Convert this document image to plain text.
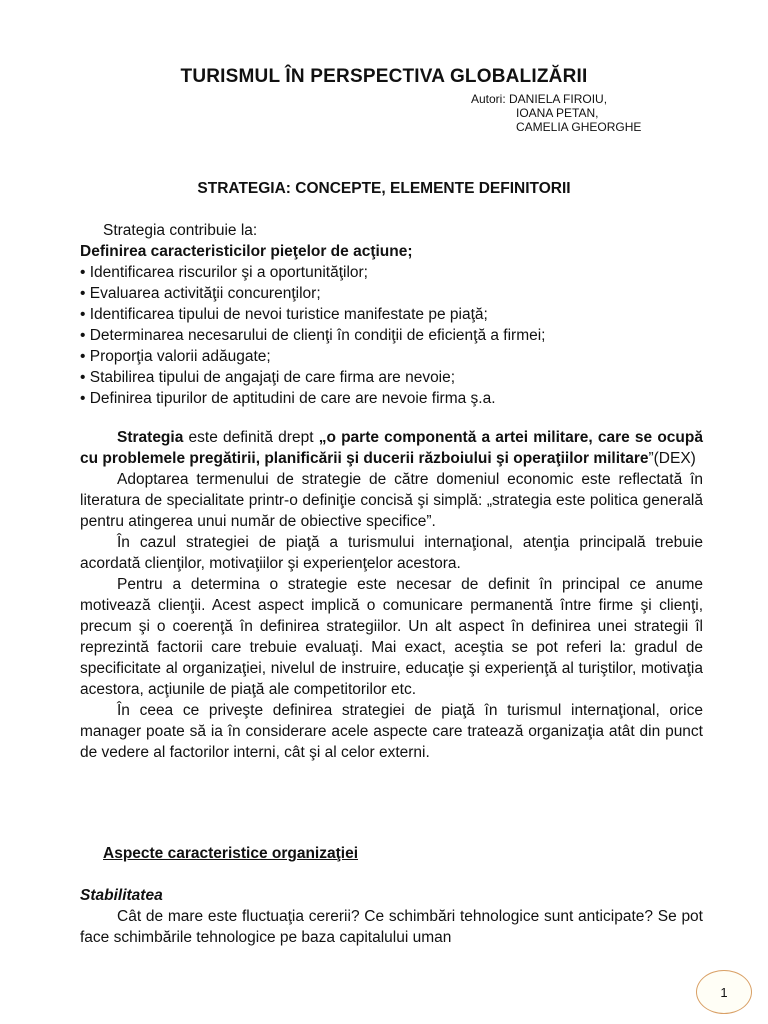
TURISMUL ÎN PERSPECTIVA GLOBALIZĂRII
Autori: DANIELA FIROIU,
IOANA PETAN,
CAMELIA GHEORGHE
STRATEGIA: CONCEPTE, ELEMENTE DEFINITORII

Strategia contribuie la:

Definirea caracteristicilor pieţelor de acţiune;

• Identificarea riscurilor şi a oportunităţilor;

• Evaluarea activităţii concurenţilor;

• Identificarea tipului de nevoi turistice manifestate pe piaţă;

• Determinarea necesarului de clienţi în condiţii de eficienţă a firmei;

• Proporţia valorii adăugate;

• Stabilirea tipului de angajaţi de care firma are nevoie;

• Definirea tipurilor de aptitudini de care are nevoie firma ş.a.

Strategia este definită drept „o parte componentă a artei militare, care se ocupă cu problemele pregătirii, planificării şi ducerii războiului şi operaţiilor militare”(DEX)

Adoptarea termenului de strategie de către domeniul economic este reflectată în literatura de specialitate printr-o definiţie concisă şi simplă: „strategia este politica generală pentru atingerea unui număr de obiective specifice”.

În cazul strategiei de piaţă a turismului internaţional, atenţia principală trebuie acordată clienţilor, motivaţiilor şi experienţelor acestora.

Pentru a determina o strategie este necesar de definit în principal ce anume motivează clienţii. Acest aspect implică o comunicare permanentă între firme şi clienţi, precum şi o coerenţă în definirea strategiilor. Un alt aspect în definirea unei strategii îl reprezintă factorii care trebuie evaluaţi. Mai exact, aceştia se pot referi la: gradul de specificitate al organizaţiei, nivelul de instruire, educaţie şi experienţă al turiştilor, motivaţia acestora, acţiunile de piaţă ale competitorilor etc.

În ceea ce priveşte definirea strategiei de piaţă în turismul internaţional, orice manager poate să ia în considerare acele aspecte care tratează organizaţia atât din punct de vedere al factorilor interni, cât şi al celor externi.

Aspecte caracteristice organizaţiei
Stabilitatea

Cât de mare este fluctuaţia cererii? Ce schimbări tehnologice sunt anticipate? Se pot face schimbările tehnologice pe baza capitalului uman

1
